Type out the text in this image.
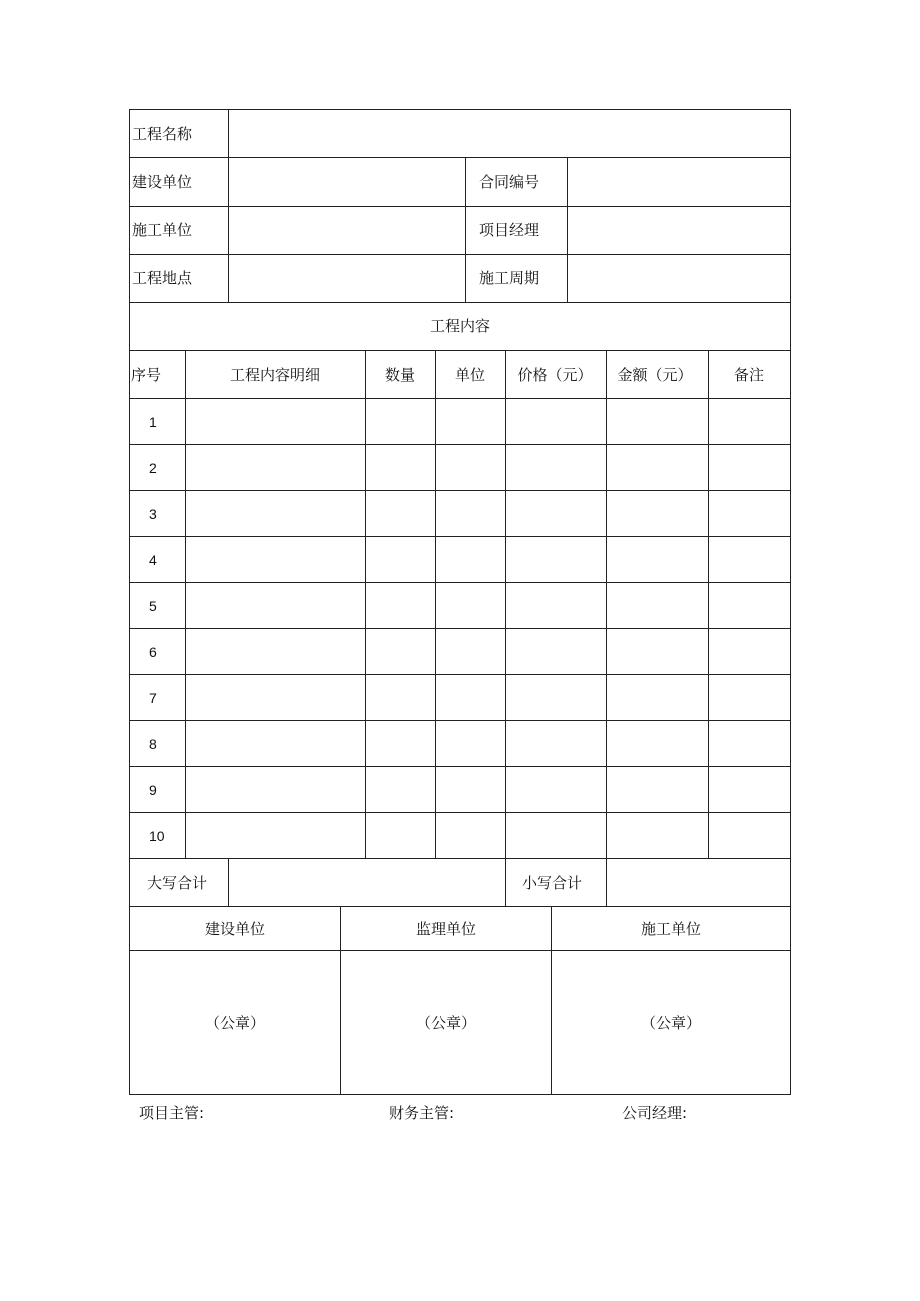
工程名称
建设单位	合同编号
施工单位	项目经理
工程地点	施工周期
工程内容
序号	工程内容明细	数量	单位 价格（元） 金额（元）	备注
1
2
3
4
5
6
7
8
9
10
大写合计	小写合计
建设单位	监理单位	施工单位
（公章）	（公章）	（公章）
项目主管:	财务主管:	公司经理:
